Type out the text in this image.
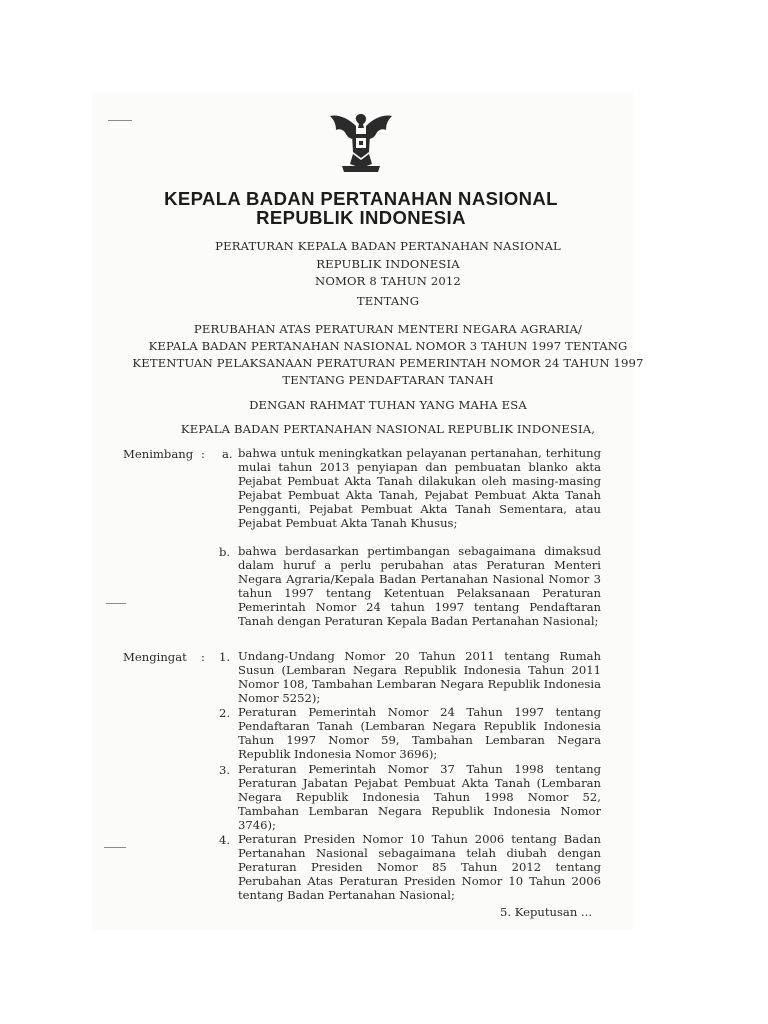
KEPALA BADAN PERTANAHAN NASIONAL
REPUBLIK INDONESIA
PERATURAN KEPALA BADAN PERTANAHAN NASIONAL
REPUBLIK INDONESIA
NOMOR 8 TAHUN 2012
TENTANG
PERUBAHAN ATAS PERATURAN MENTERI NEGARA AGRARIA/
KEPALA BADAN PERTANAHAN NASIONAL NOMOR 3 TAHUN 1997 TENTANG
KETENTUAN PELAKSANAAN PERATURAN PEMERINTAH NOMOR 24 TAHUN 1997
TENTANG PENDAFTARAN TANAH
DENGAN RAHMAT TUHAN YANG MAHA ESA
KEPALA BADAN PERTANAHAN NASIONAL REPUBLIK INDONESIA,
Menimbang : a. bahwa untuk meningkatkan pelayanan pertanahan, terhitung mulai tahun 2013 penyiapan dan pembuatan blanko akta Pejabat Pembuat Akta Tanah dilakukan oleh masing-masing Pejabat Pembuat Akta Tanah, Pejabat Pembuat Akta Tanah Pengganti, Pejabat Pembuat Akta Tanah Sementara, atau Pejabat Pembuat Akta Tanah Khusus;

b. bahwa berdasarkan pertimbangan sebagaimana dimaksud dalam huruf a perlu perubahan atas Peraturan Menteri Negara Agraria/Kepala Badan Pertanahan Nasional Nomor 3 tahun 1997 tentang Ketentuan Pelaksanaan Peraturan Pemerintah Nomor 24 tahun 1997 tentang Pendaftaran Tanah dengan Peraturan Kepala Badan Pertanahan Nasional;

Mengingat : 1. Undang-Undang Nomor 20 Tahun 2011 tentang Rumah Susun (Lembaran Negara Republik Indonesia Tahun 2011 Nomor 108, Tambahan Lembaran Negara Republik Indonesia Nomor 5252);

2. Peraturan Pemerintah Nomor 24 Tahun 1997 tentang Pendaftaran Tanah (Lembaran Negara Republik Indonesia Tahun 1997 Nomor 59, Tambahan Lembaran Negara Republik Indonesia Nomor 3696);

3. Peraturan Pemerintah Nomor 37 Tahun 1998 tentang Peraturan Jabatan Pejabat Pembuat Akta Tanah (Lembaran Negara Republik Indonesia Tahun 1998 Nomor 52, Tambahan Lembaran Negara Republik Indonesia Nomor 3746);

4. Peraturan Presiden Nomor 10 Tahun 2006 tentang Badan Pertanahan Nasional sebagaimana telah diubah dengan Peraturan Presiden Nomor 85 Tahun 2012 tentang Perubahan Atas Peraturan Presiden Nomor 10 Tahun 2006 tentang Badan Pertanahan Nasional;

5. Keputusan ...
